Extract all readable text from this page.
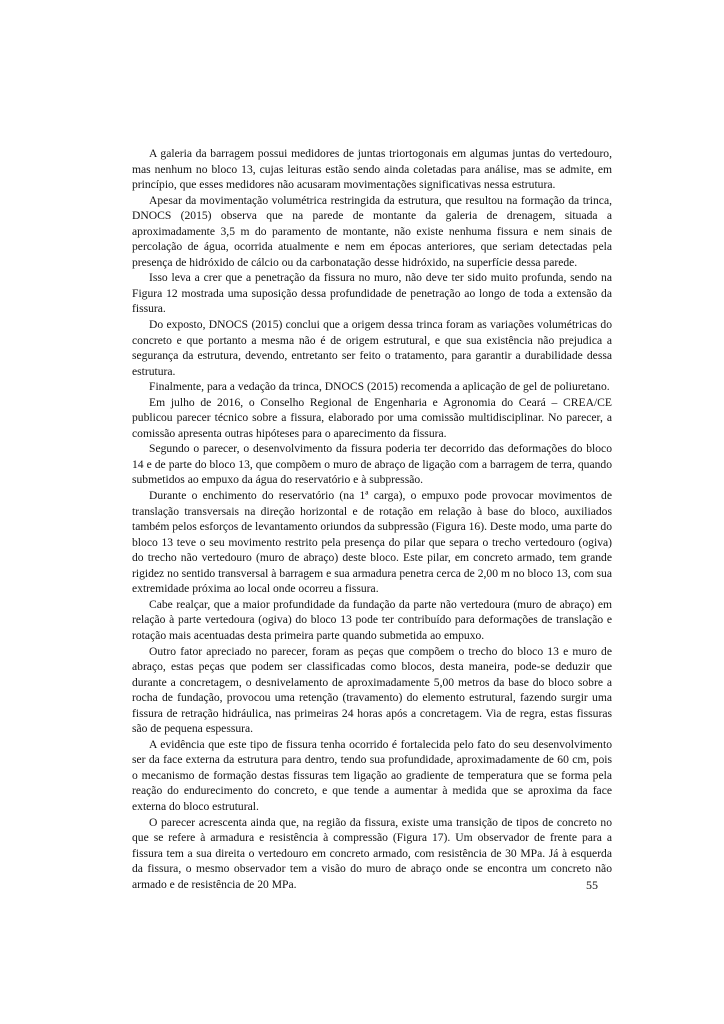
A galeria da barragem possui medidores de juntas triortogonais em algumas juntas do vertedouro, mas nenhum no bloco 13, cujas leituras estão sendo ainda coletadas para análise, mas se admite, em princípio, que esses medidores não acusaram movimentações significativas nessa estrutura.

Apesar da movimentação volumétrica restringida da estrutura, que resultou na formação da trinca, DNOCS (2015) observa que na parede de montante da galeria de drenagem, situada a aproximadamente 3,5 m do paramento de montante, não existe nenhuma fissura e nem sinais de percolação de água, ocorrida atualmente e nem em épocas anteriores, que seriam detectadas pela presença de hidróxido de cálcio ou da carbonatação desse hidróxido, na superfície dessa parede.

Isso leva a crer que a penetração da fissura no muro, não deve ter sido muito profunda, sendo na Figura 12 mostrada uma suposição dessa profundidade de penetração ao longo de toda a extensão da fissura.

Do exposto, DNOCS (2015) conclui que a origem dessa trinca foram as variações volumétricas do concreto e que portanto a mesma não é de origem estrutural, e que sua existência não prejudica a segurança da estrutura, devendo, entretanto ser feito o tratamento, para garantir a durabilidade dessa estrutura.

Finalmente, para a vedação da trinca, DNOCS (2015) recomenda a aplicação de gel de poliuretano.

Em julho de 2016, o Conselho Regional de Engenharia e Agronomia do Ceará – CREA/CE publicou parecer técnico sobre a fissura, elaborado por uma comissão multidisciplinar. No parecer, a comissão apresenta outras hipóteses para o aparecimento da fissura.

Segundo o parecer, o desenvolvimento da fissura poderia ter decorrido das deformações do bloco 14 e de parte do bloco 13, que compõem o muro de abraço de ligação com a barragem de terra, quando submetidos ao empuxo da água do reservatório e à subpressão.

Durante o enchimento do reservatório (na 1ª carga), o empuxo pode provocar movimentos de translação transversais na direção horizontal e de rotação em relação à base do bloco, auxiliados também pelos esforços de levantamento oriundos da subpressão (Figura 16). Deste modo, uma parte do bloco 13 teve o seu movimento restrito pela presença do pilar que separa o trecho vertedouro (ogiva) do trecho não vertedouro (muro de abraço) deste bloco. Este pilar, em concreto armado, tem grande rigidez no sentido transversal à barragem e sua armadura penetra cerca de 2,00 m no bloco 13, com sua extremidade próxima ao local onde ocorreu a fissura.

Cabe realçar, que a maior profundidade da fundação da parte não vertedoura (muro de abraço) em relação à parte vertedoura (ogiva) do bloco 13 pode ter contribuído para deformações de translação e rotação mais acentuadas desta primeira parte quando submetida ao empuxo.

Outro fator apreciado no parecer, foram as peças que compõem o trecho do bloco 13 e muro de abraço, estas peças que podem ser classificadas como blocos, desta maneira, pode-se deduzir que durante a concretagem, o desnivelamento de aproximadamente 5,00 metros da base do bloco sobre a rocha de fundação, provocou uma retenção (travamento) do elemento estrutural, fazendo surgir uma fissura de retração hidráulica, nas primeiras 24 horas após a concretagem. Via de regra, estas fissuras são de pequena espessura.

A evidência que este tipo de fissura tenha ocorrido é fortalecida pelo fato do seu desenvolvimento ser da face externa da estrutura para dentro, tendo sua profundidade, aproximadamente de 60 cm, pois o mecanismo de formação destas fissuras tem ligação ao gradiente de temperatura que se forma pela reação do endurecimento do concreto, e que tende a aumentar à medida que se aproxima da face externa do bloco estrutural.

O parecer acrescenta ainda que, na região da fissura, existe uma transição de tipos de concreto no que se refere à armadura e resistência à compressão (Figura 17). Um observador de frente para a fissura tem a sua direita o vertedouro em concreto armado, com resistência de 30 MPa. Já à esquerda da fissura, o mesmo observador tem a visão do muro de abraço onde se encontra um concreto não armado e de resistência de 20 MPa.	55
